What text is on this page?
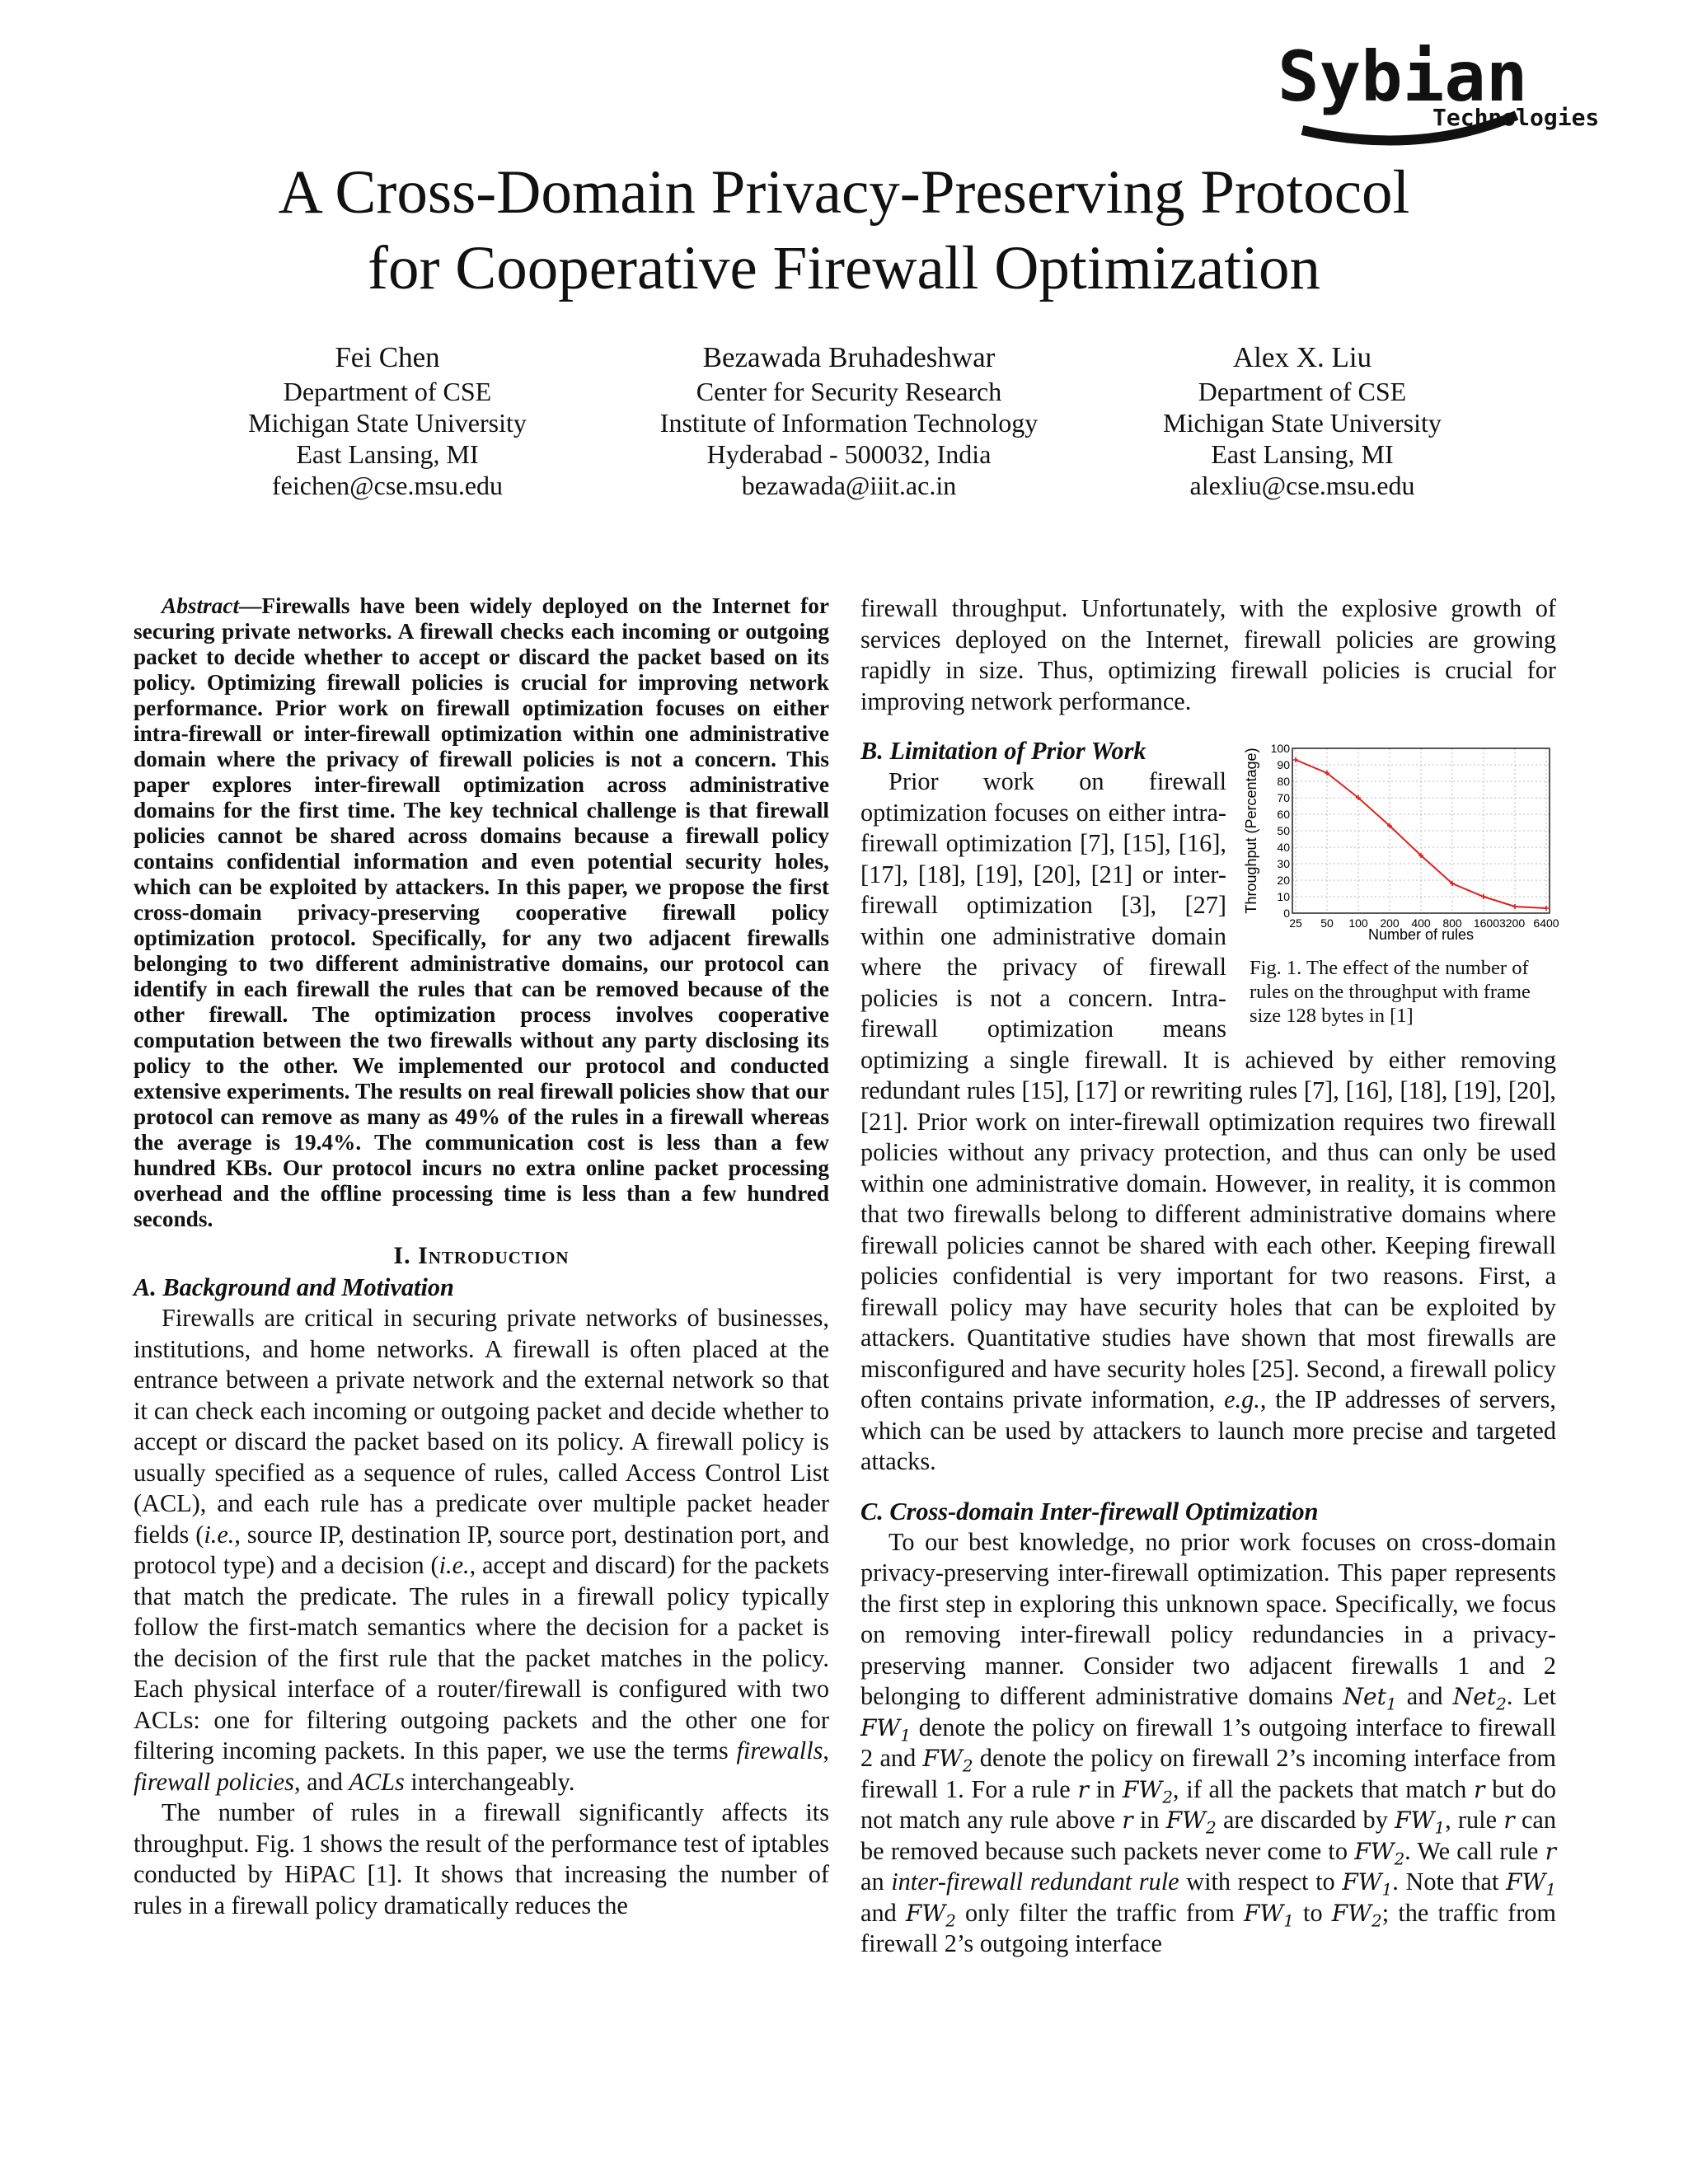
Sybian
Technologies
A Cross-Domain Privacy-Preserving Protocol
for Cooperative Firewall Optimization
Fei Chen
Department of CSE
Michigan State University
East Lansing, MI
feichen@cse.msu.edu
Bezawada Bruhadeshwar
Center for Security Research
Institute of Information Technology
Hyderabad - 500032, India
bezawada@iiit.ac.in
Alex X. Liu
Department of CSE
Michigan State University
East Lansing, MI
alexliu@cse.msu.edu

Abstract—Firewalls have been widely deployed on the Internet for securing private networks. A firewall checks each incoming or outgoing packet to decide whether to accept or discard the packet based on its policy. Optimizing firewall policies is crucial for improving network performance. Prior work on firewall optimization focuses on either intra-firewall or inter-firewall optimization within one administrative domain where the privacy of firewall policies is not a concern. This paper explores inter-firewall optimization across administrative domains for the first time. The key technical challenge is that firewall policies cannot be shared across domains because a firewall policy contains confidential information and even potential security holes, which can be exploited by attackers. In this paper, we propose the first cross-domain privacy-preserving cooperative firewall policy optimization protocol. Specifically, for any two adjacent firewalls belonging to two different administrative domains, our protocol can identify in each firewall the rules that can be removed because of the other firewall. The optimization process involves cooperative computation between the two firewalls without any party disclosing its policy to the other. We implemented our protocol and conducted extensive experiments. The results on real firewall policies show that our protocol can remove as many as 49% of the rules in a firewall whereas the average is 19.4%. The communication cost is less than a few hundred KBs. Our protocol incurs no extra online packet processing overhead and the offline processing time is less than a few hundred seconds.

I. Introduction
A. Background and Motivation

Firewalls are critical in securing private networks of businesses, institutions, and home networks. A firewall is often placed at the entrance between a private network and the external network so that it can check each incoming or outgoing packet and decide whether to accept or discard the packet based on its policy. A firewall policy is usually specified as a sequence of rules, called Access Control List (ACL), and each rule has a predicate over multiple packet header fields (i.e., source IP, destination IP, source port, destination port, and protocol type) and a decision (i.e., accept and discard) for the packets that match the predicate. The rules in a firewall policy typically follow the first-match semantics where the decision for a packet is the decision of the first rule that the packet matches in the policy. Each physical interface of a router/firewall is configured with two ACLs: one for filtering outgoing packets and the other one for filtering incoming packets. In this paper, we use the terms firewalls, firewall policies, and ACLs interchangeably.

The number of rules in a firewall significantly affects its throughput. Fig. 1 shows the result of the performance test of iptables conducted by HiPAC [1]. It shows that increasing the number of rules in a firewall policy dramatically reduces the

firewall throughput. Unfortunately, with the explosive growth of services deployed on the Internet, firewall policies are growing rapidly in size. Thus, optimizing firewall policies is crucial for improving network performance.

0
10
20
30
40
50
60
70
80
90
100
25 50 100 200 400 800 16003200 6400
Number of rules
Throughput (Percentage)
Fig. 1. The effect of the number of rules on the throughput with frame size 128 bytes in [1]
B. Limitation of Prior Work

Prior work on firewall optimization focuses on either intra-firewall optimization [7], [15], [16], [17], [18], [19], [20], [21] or inter-firewall optimization [3], [27] within one administrative domain where the privacy of firewall policies is not a concern. Intra-firewall optimization means optimizing a single firewall. It is achieved by either removing redundant rules [15], [17] or rewriting rules [7], [16], [18], [19], [20], [21]. Prior work on inter-firewall optimization requires two firewall policies without any privacy protection, and thus can only be used within one administrative domain. However, in reality, it is common that two firewalls belong to different administrative domains where firewall policies cannot be shared with each other. Keeping firewall policies confidential is very important for two reasons. First, a firewall policy may have security holes that can be exploited by attackers. Quantitative studies have shown that most firewalls are misconfigured and have security holes [25]. Second, a firewall policy often contains private information, e.g., the IP addresses of servers, which can be used by attackers to launch more precise and targeted attacks.

C. Cross-domain Inter-firewall Optimization

To our best knowledge, no prior work focuses on cross-domain privacy-preserving inter-firewall optimization. This paper represents the first step in exploring this unknown space. Specifically, we focus on removing inter-firewall policy redundancies in a privacy-preserving manner. Consider two adjacent firewalls 1 and 2 belonging to different administrative domains Net$_1$ and Net$_2$. Let $FW_1$ denote the policy on firewall 1’s outgoing interface to firewall 2 and $FW_2$ denote the policy on firewall 2’s incoming interface from firewall 1. For a rule r in $FW_2$, if all the packets that match r but do not match any rule above r in $FW_2$ are discarded by $FW_1$, rule r can be removed because such packets never come to $FW_2$. We call rule r an inter-firewall redundant rule with respect to $FW_1$. Note that $FW_1$ and $FW_2$ only filter the traffic from $FW_1$ to $FW_2$; the traffic from firewall 2’s outgoing interface
